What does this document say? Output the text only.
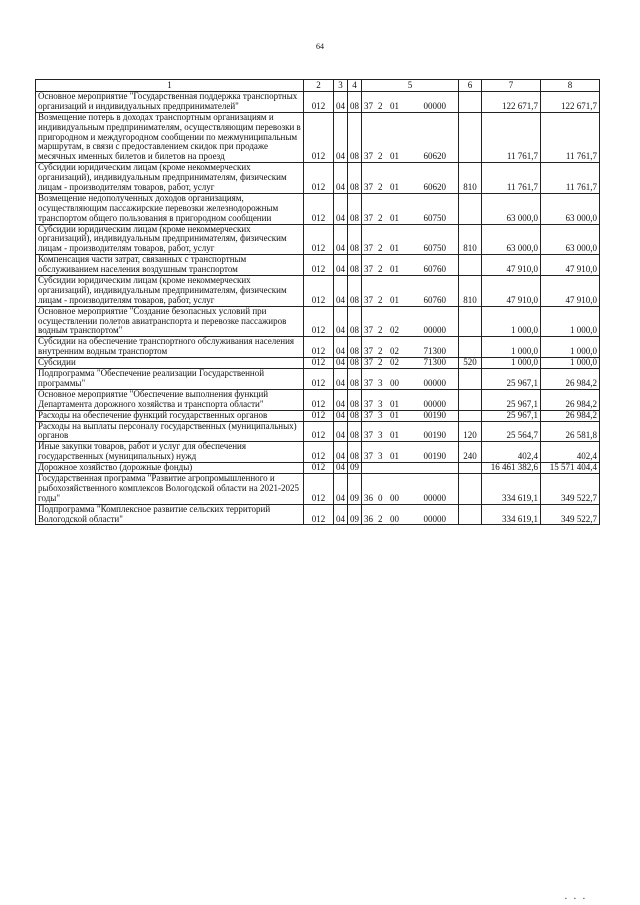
64
1	2	3	4	5	6	7	8
Основное мероприятие "Государственная поддержка транспортных организаций и индивидуальных предпринимателей"	012	04	08	37 2 01 00000		122 671,7	122 671,7
Возмещение потерь в доходах транспортным организациям и индивидуальным предпринимателям, осуществляющим перевозки в пригородном и междугородном сообщении по межмуниципальным маршрутам, в связи с предоставлением скидок при продаже месячных именных билетов и билетов на проезд	012	04	08	37 2 01 60620		11 761,7	11 761,7
Субсидии юридическим лицам (кроме некоммерческих организаций), индивидуальным предпринимателям, физическим лицам - производителям товаров, работ, услуг	012	04	08	37 2 01 60620	810	11 761,7	11 761,7
Возмещение недополученных доходов организациям, осуществляющим пассажирские перевозки железнодорожным транспортом общего пользования в пригородном сообщении	012	04	08	37 2 01 60750		63 000,0	63 000,0
Субсидии юридическим лицам (кроме некоммерческих организаций), индивидуальным предпринимателям, физическим лицам - производителям товаров, работ, услуг	012	04	08	37 2 01 60750	810	63 000,0	63 000,0
Компенсация части затрат, связанных с транспортным обслуживанием населения воздушным транспортом	012	04	08	37 2 01 60760		47 910,0	47 910,0
Субсидии юридическим лицам (кроме некоммерческих организаций), индивидуальным предпринимателям, физическим лицам - производителям товаров, работ, услуг	012	04	08	37 2 01 60760	810	47 910,0	47 910,0
Основное мероприятие "Создание безопасных условий при осуществлении полетов авиатранспорта и перевозке пассажиров водным транспортом"	012	04	08	37 2 02 00000		1 000,0	1 000,0
Субсидии на обеспечение транспортного обслуживания населения внутренним водным транспортом	012	04	08	37 2 02 71300		1 000,0	1 000,0
Субсидии	012	04	08	37 2 02 71300	520	1 000,0	1 000,0
Подпрограмма "Обеспечение реализации Государственной программы"	012	04	08	37 3 00 00000		25 967,1	26 984,2
Основное мероприятие "Обеспечение выполнения функций Департамента дорожного хозяйства и транспорта области"	012	04	08	37 3 01 00000		25 967,1	26 984,2
Расходы на обеспечение функций государственных органов	012	04	08	37 3 01 00190		25 967,1	26 984,2
Расходы на выплаты персоналу государственных (муниципальных) органов	012	04	08	37 3 01 00190	120	25 564,7	26 581,8
Иные закупки товаров, работ и услуг для обеспечения государственных (муниципальных) нужд	012	04	08	37 3 01 00190	240	402,4	402,4
Дорожное хозяйство (дорожные фонды)	012	04	09			16 461 382,6	15 571 404,4
Государственная программа "Развитие агропромышленного и рыбохозяйственного комплексов Вологодской области на 2021-2025 годы"	012	04	09	36 0 00 00000		334 619,1	349 522,7
Подпрограмма "Комплексное развитие сельских территорий Вологодской области"	012	04	09	36 2 00 00000		334 619,1	349 522,7
▪ ▪ ▪
